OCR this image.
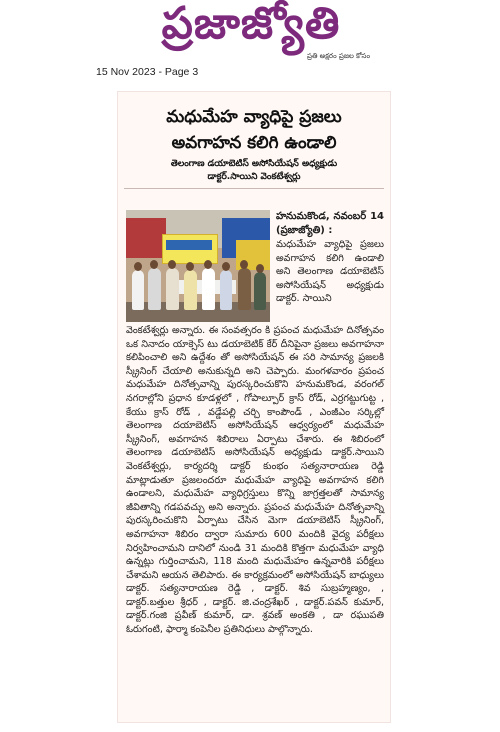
ప్రజాజ్యోతి
ప్రతి అక్షరం ప్రజల కోసం
15 Nov 2023 - Page 3
మధుమేహ వ్యాధిపై ప్రజలు
అవగాహన కలిగి ఉండాలి
తెలంగాణ డయాబెటిస్ అసోసియేషన్ అధ్యక్షుడు
డాక్టర్.సాయిని వెంకటేశ్వర్లు
హనుమకొండ, నవంబర్ 14 (ప్రజాజ్యోతి) :
మధుమేహ వ్యాధిపై ప్రజలు అవగాహన కలిగి ఉండాలి అని తెలంగాణ డయాబెటిస్ అసోసియేషన్ అధ్యక్షుడు డాక్టర్. సాయిని
వెంకటేశ్వర్లు అన్నారు. ఈ సంవత్సరం కి ప్రపంచ మధుమేహ దినోత్సవం ఒక నినాదం యాక్సెస్ టు డయాబెటిక్ కేర్ దీనిపైనా ప్రజలు అవగాహనా కలిపించాలి అని ఉద్దేశం తో అసోసియేషన్ ఈ సరి సామాన్య ప్రజలకి స్క్రీనింగ్ చేయాలి అనుకున్నది అని చెప్పారు. మంగళవారం ప్రపంచ మధుమేహ దినోత్సవాన్ని పురస్కరించుకొని హనుమకొండ, వరంగల్ నగరాల్లోని ప్రధాన కూడళ్లలో , గోపాల్పూర్ క్రాస్ రోడ్, ఎర్రగట్టుగుట్ట , కేయు క్రాస్ రోడ్ , వడ్డేపల్లి చర్చి కాంపౌండ్ , ఎంజీఎం సర్కిల్లో తెలంగాణ దయాబెటిస్ అసోసియేషన్ ఆధ్వర్యంలో మధుమేహ స్క్రీనింగ్, అవగాహన శిబిరాలు ఏర్పాటు చేశారు. ఈ శిబిరంలో తెలంగాణ డయాబెటిస్ అసోసియేషన్ అధ్యక్షుడు డాక్టర్.సాయిని వెంకటేశ్వర్లు, కార్యదర్శి డాక్టర్ కుంభం సత్యనారాయణ రెడ్డి మాట్లాడుతూ ప్రజలందరూ మధుమేహ వ్యాధిపై అవగాహన కలిగి ఉండాలని, మధుమేహ వ్యాధిగ్రస్తులు కొన్ని జాగ్రత్తలతో సామాన్య జీవితాన్ని గడపవచ్చు అని అన్నారు. ప్రపంచ మధుమేహ దినోత్సవాన్ని పురస్కరించుకొని ఏర్పాటు చేసిన మెగా డయాబెటిస్ స్క్రీనింగ్, అవగాహనా శిబిరం ద్వారా సుమారు 600 మందికి వైద్య పరీక్షలు నిర్వహించామని దానిలో నుండి 31 మందికి కొత్తగా మధుమేహ వ్యాధి ఉన్నట్లు గుర్తించామని, 118 మంది మధుమేహం ఉన్నవారికి పరీక్షలు చేశామని ఆయన తెలిపారు. ఈ కార్యక్రమంలో అసోసియేషన్ బాధ్యులు డాక్టర్. సత్యనారాయణ రెడ్డి , డాక్టర్. శివ సుబ్రహ్మణ్యం, , డాక్టర్.బత్తుల శ్రీధర్ , డాక్టర్. జి.చంద్రశేఖర్ , డాక్టర్.పవన్ కుమార్, డాక్టర్.గంజి ప్రవీణ్ కుమార్, డా. శ్రవణ్ అంకతి , డా రఘుపతి ఓరుగంటి, ఫార్మా కంపెనీల ప్రతినిధులు పాల్గొన్నారు.
